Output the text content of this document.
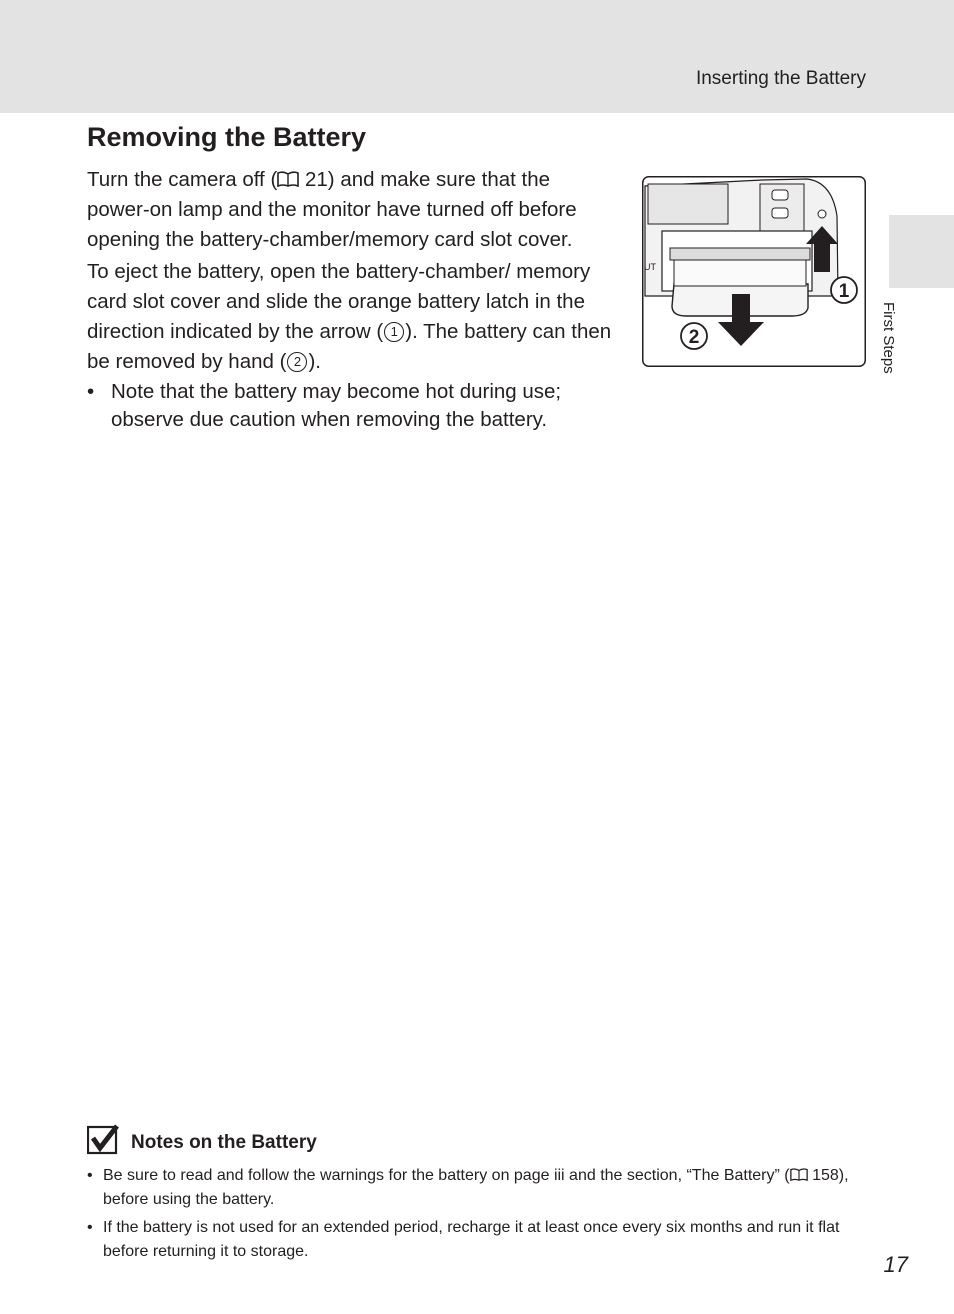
Inserting the Battery
First Steps
Removing the Battery

Turn the camera off ( 21) and make sure that the power-on lamp and the monitor have turned off before opening the battery-chamber/memory card slot cover.

To eject the battery, open the battery-chamber/ memory card slot cover and slide the orange battery latch in the direction indicated by the arrow ( 1 ). The battery can then be removed by hand ( 2 ).

• Note that the battery may become hot during use; observe due caution when removing the battery.
UT
1
2
Notes on the Battery
• Be sure to read and follow the warnings for the battery on page iii and the section, “The Battery” ( 158), before using the battery.
• If the battery is not used for an extended period, recharge it at least once every six months and run it flat before returning it to storage.
17
